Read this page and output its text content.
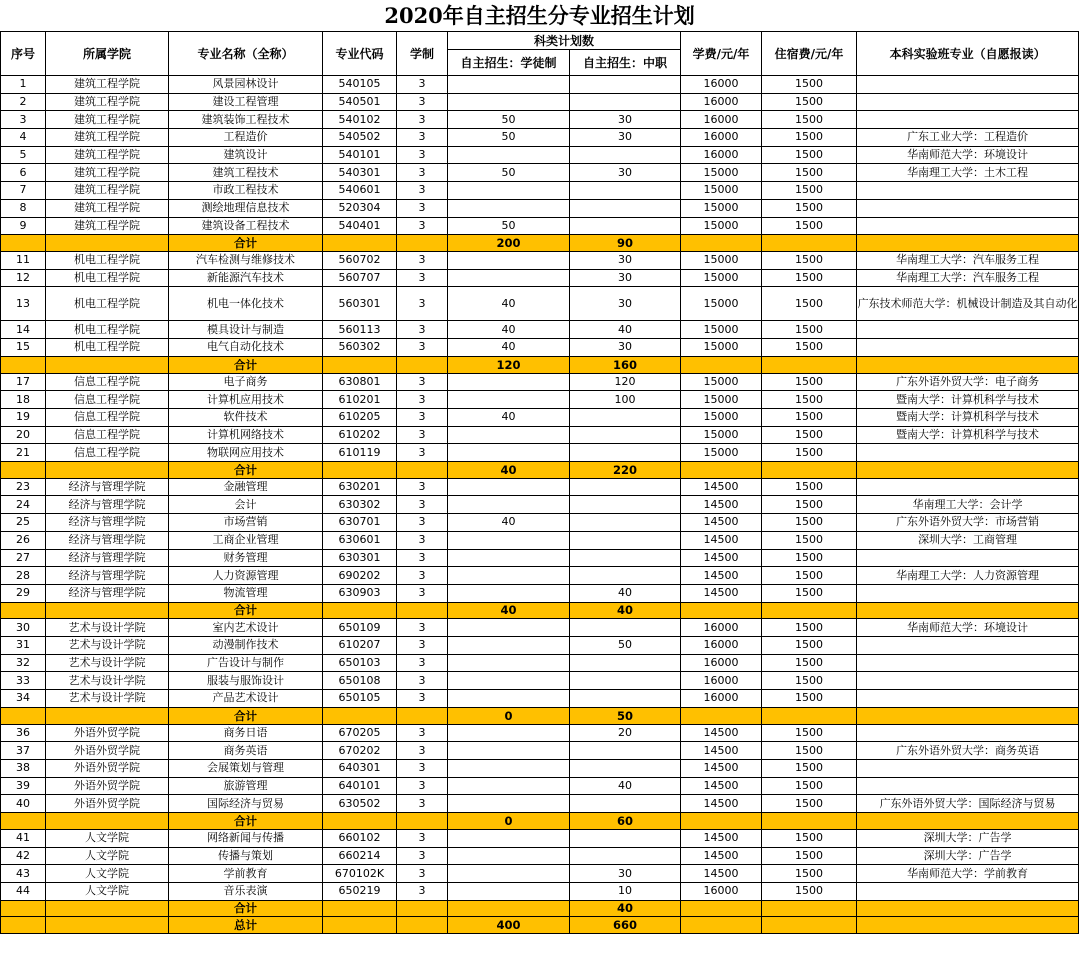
2020年自主招生分专业招生计划									
序号	所属学院	专业名称（全称）	专业代码	学制	科类计划数		学费/元/年	住宿费/元/年	本科实验班专业（自愿报读）
					自主招生：学徒制	自主招生：中职			
1	建筑工程学院	风景园林设计	540105	3			16000	1500	
2	建筑工程学院	建设工程管理	540501	3			16000	1500	
3	建筑工程学院	建筑装饰工程技术	540102	3	50	30	16000	1500	
4	建筑工程学院	工程造价	540502	3	50	30	16000	1500	广东工业大学：工程造价
5	建筑工程学院	建筑设计	540101	3			16000	1500	华南师范大学：环境设计
6	建筑工程学院	建筑工程技术	540301	3	50	30	15000	1500	华南理工大学：土木工程
7	建筑工程学院	市政工程技术	540601	3			15000	1500	
8	建筑工程学院	测绘地理信息技术	520304	3			15000	1500	
9	建筑工程学院	建筑设备工程技术	540401	3	50		15000	1500	
		合计			200	90			
11	机电工程学院	汽车检测与维修技术	560702	3		30	15000	1500	华南理工大学：汽车服务工程
12	机电工程学院	新能源汽车技术	560707	3		30	15000	1500	华南理工大学：汽车服务工程
13	机电工程学院	机电一体化技术	560301	3	40	30	15000	1500	广东技术师范大学：机械设计制造及其自动化
14	机电工程学院	模具设计与制造	560113	3	40	40	15000	1500	
15	机电工程学院	电气自动化技术	560302	3	40	30	15000	1500	
		合计			120	160			
17	信息工程学院	电子商务	630801	3		120	15000	1500	广东外语外贸大学：电子商务
18	信息工程学院	计算机应用技术	610201	3		100	15000	1500	暨南大学：计算机科学与技术
19	信息工程学院	软件技术	610205	3	40		15000	1500	暨南大学：计算机科学与技术
20	信息工程学院	计算机网络技术	610202	3			15000	1500	暨南大学：计算机科学与技术
21	信息工程学院	物联网应用技术	610119	3			15000	1500	
		合计			40	220			
23	经济与管理学院	金融管理	630201	3			14500	1500	
24	经济与管理学院	会计	630302	3			14500	1500	华南理工大学：会计学
25	经济与管理学院	市场营销	630701	3	40		14500	1500	广东外语外贸大学：市场营销
26	经济与管理学院	工商企业管理	630601	3			14500	1500	深圳大学：工商管理
27	经济与管理学院	财务管理	630301	3			14500	1500	
28	经济与管理学院	人力资源管理	690202	3			14500	1500	华南理工大学：人力资源管理
29	经济与管理学院	物流管理	630903	3		40	14500	1500	
		合计			40	40			
30	艺术与设计学院	室内艺术设计	650109	3			16000	1500	华南师范大学：环境设计
31	艺术与设计学院	动漫制作技术	610207	3		50	16000	1500	
32	艺术与设计学院	广告设计与制作	650103	3			16000	1500	
33	艺术与设计学院	服装与服饰设计	650108	3			16000	1500	
34	艺术与设计学院	产品艺术设计	650105	3			16000	1500	
		合计			0	50			
36	外语外贸学院	商务日语	670205	3		20	14500	1500	
37	外语外贸学院	商务英语	670202	3			14500	1500	广东外语外贸大学：商务英语
38	外语外贸学院	会展策划与管理	640301	3			14500	1500	
39	外语外贸学院	旅游管理	640101	3		40	14500	1500	
40	外语外贸学院	国际经济与贸易	630502	3			14500	1500	广东外语外贸大学：国际经济与贸易
		合计			0	60			
41	人文学院	网络新闻与传播	660102	3			14500	1500	深圳大学：广告学
42	人文学院	传播与策划	660214	3			14500	1500	深圳大学：广告学
43	人文学院	学前教育	670102K	3		30	14500	1500	华南师范大学：学前教育
44	人文学院	音乐表演	650219	3		10	16000	1500	
		合计				40			
		总计			400	660			
